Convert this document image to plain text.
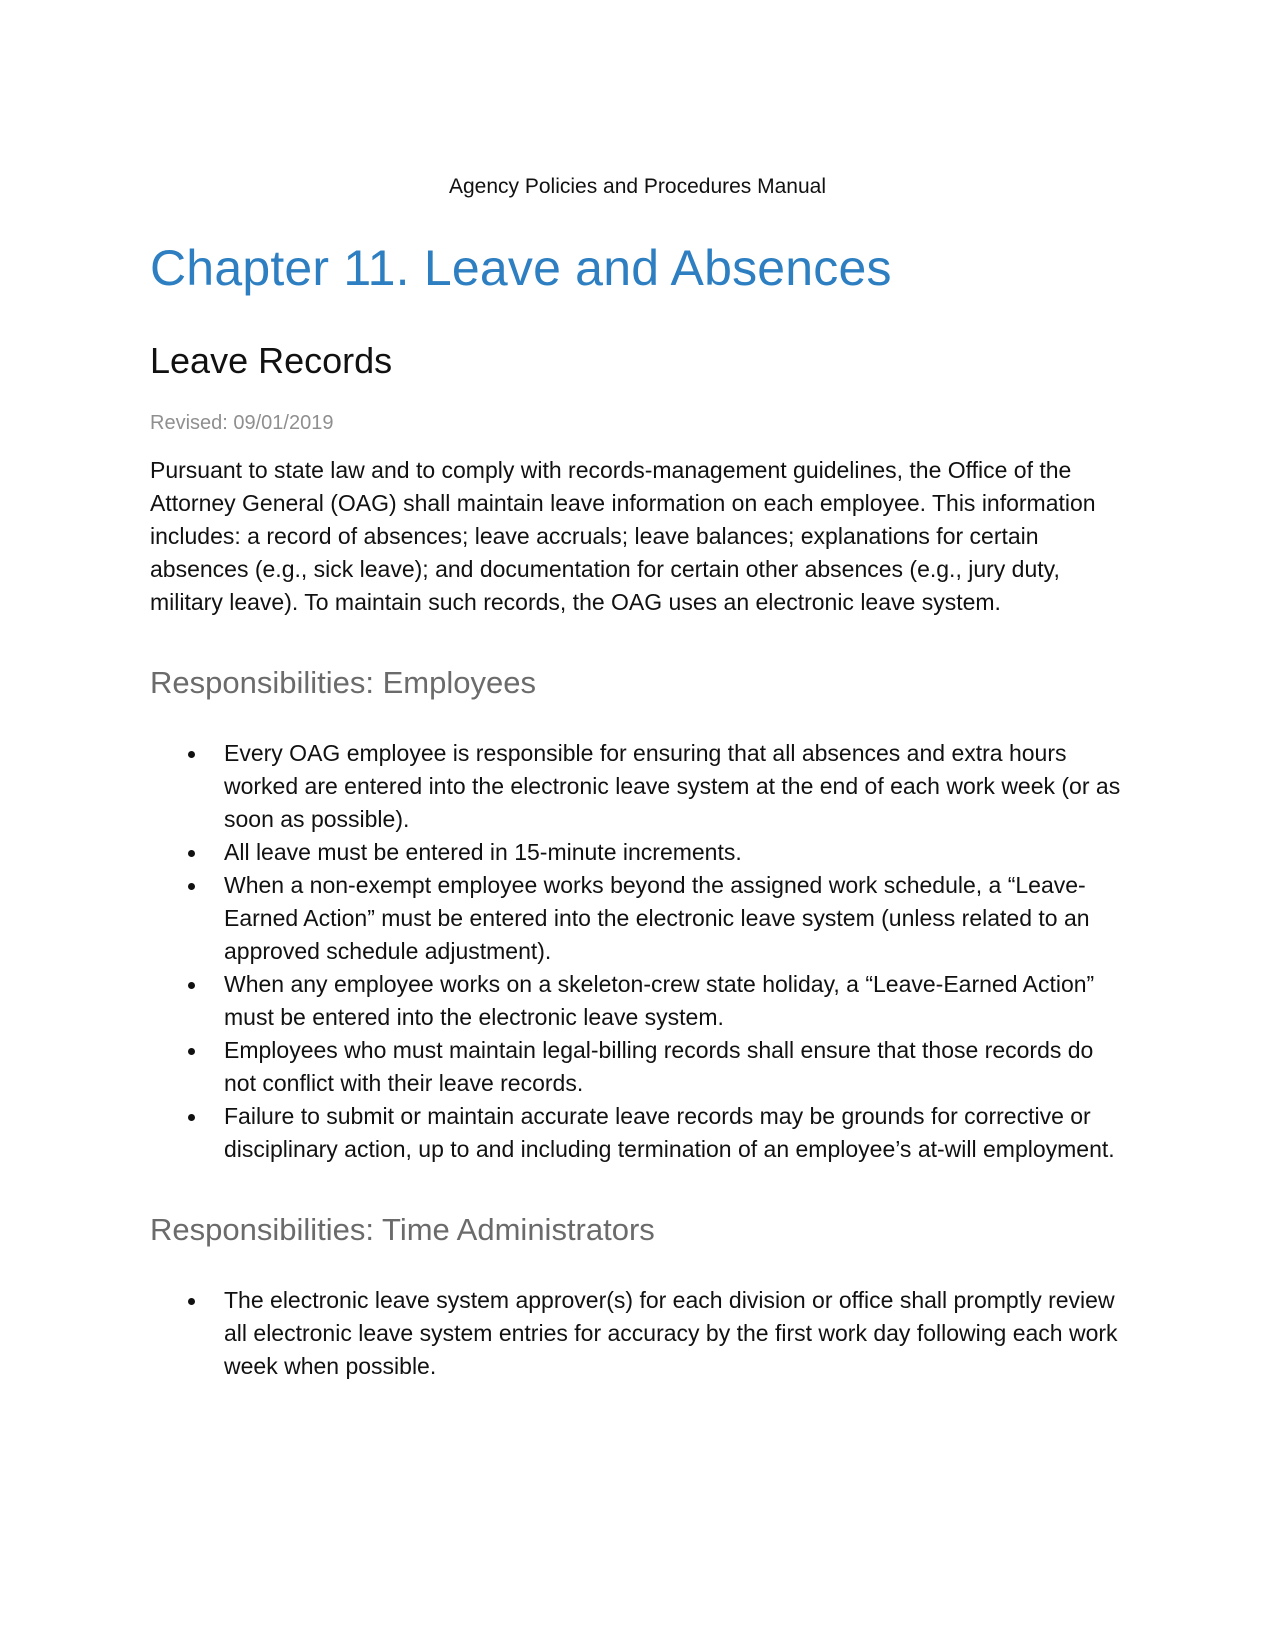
Agency Policies and Procedures Manual
Chapter 11. Leave and Absences
Leave Records
Revised: 09/01/2019

Pursuant to state law and to comply with records-management guidelines, the Office of the Attorney General (OAG) shall maintain leave information on each employee. This information includes: a record of absences; leave accruals; leave balances; explanations for certain absences (e.g., sick leave); and documentation for certain other absences (e.g., jury duty, military leave). To maintain such records, the OAG uses an electronic leave system.

Responsibilities: Employees
Every OAG employee is responsible for ensuring that all absences and extra hours worked are entered into the electronic leave system at the end of each work week (or as soon as possible).
All leave must be entered in 15-minute increments.
When a non-exempt employee works beyond the assigned work schedule, a “Leave-Earned Action” must be entered into the electronic leave system (unless related to an approved schedule adjustment).
When any employee works on a skeleton-crew state holiday, a “Leave-Earned Action” must be entered into the electronic leave system.
Employees who must maintain legal-billing records shall ensure that those records do not conflict with their leave records.
Failure to submit or maintain accurate leave records may be grounds for corrective or disciplinary action, up to and including termination of an employee’s at-will employment.
Responsibilities: Time Administrators
The electronic leave system approver(s) for each division or office shall promptly review all electronic leave system entries for accuracy by the first work day following each work week when possible.
